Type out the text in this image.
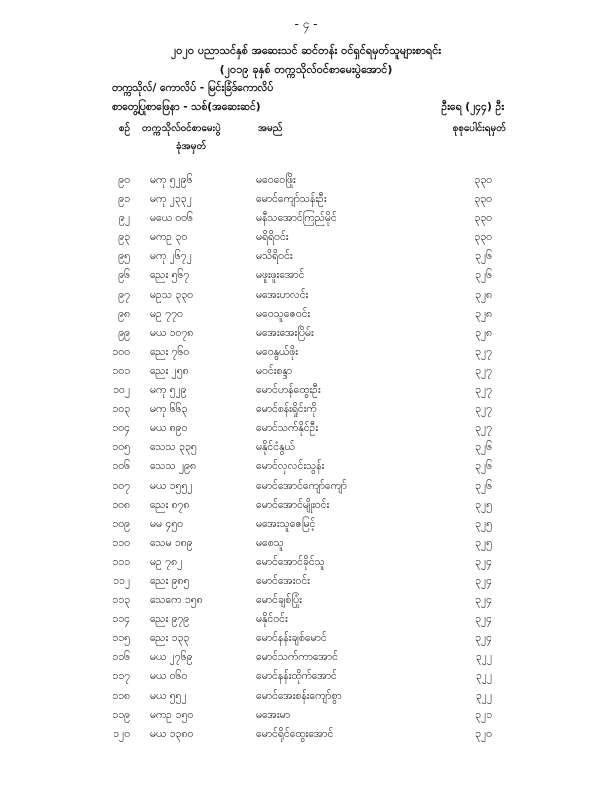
- ၄ -
၂၀၂၀ ပညာသင်နှစ် အဆေးသင် ဆင်တန်း ဝင်ရှင်ရမှတ်သူများစာရင်း
(၂၀၁၉ ခုနှစ် တက္ကသိုလ်ဝင်စာမေးပွဲအောင်)
တက္ကသိုလ်/ ကောလိပ် - မြင်းခြံဒ်ကောလိပ်
စာတွေ့ပြုစာဖြေနာ - သစ်(အဆေးဆင်)	ဦးရေ (၂၄၄) ဦး
စဉ် တက္ကသိုလ်ဝင်စာမေးပွဲ
ခုံအမှတ်
အမည်	စုစုပေါင်းရမှတ်
၉၀ မကု ၅၂၉၆	မဝေဝေဖြိုး	၃၃၀
၉၁ မကု ၂၃၃၂	မောင်ကျော်သန်းဦး	၃၃၀
၉၂ မယေ ၀၀၆	မနီသအောင်ကြည်မိုင်	၃၃၀
၉၃ မကဥ ၃၀	မရိရိဝင်း	၃၃၀
၉၅ မကု ၂၆၇၂	မသိရိဝင်း	၃၂၆
၉၆ ညေး ၅၆၇	မဖူးဖူးအောင်	၃၂၆
၉၇ မဥသ ၃၃၀	မအေးဟလင်း	၃၂၈
၉၈ မဥ ၇၇၀	မဝေသူဇေဝင်း	၃၂၈
၉၉ မယ ၁၀၇၈	မအေးအေးပြိမ်း	၃၂၈
၁၀၀ ညေး ၇၆၀	မဝေနွယ်ဖိုး	၃၂၇
၁၀၁ ညေး ၂၅၈	မဝင်းစန္ဒာ	၃၂၇
၁၀၂ မကု ၅၂၉	မောင်ဟန်ထွေးဦး	၃၂၇
၁၀၃ မကု ၆၆၃	မောင်စန်းရှိုင်းကို	၃၂၇
၁၀၄ မယ ၈၉၀	မောင်သက်နိုင်ဦး	၃၂၇
၁၀၅ သေသ ၃၃၅	မနိုင်ငံနွယ်	၃၂၆
၁၀၆ သေသ ၂၉၈	မောင်လှလင်းသွန်း	၃၂၆
၁၀၇ မယ ၁၅၅၂	မောင်အောင်ကျော်ကျော်	၃၂၆
၁၀၈ ညေး ၈၇၈	မောင်အောင်မျိုးဝင်း	၃၂၅
၁၀၉ မမ ၄၅၀	မအေးသူဇေမြင့်	၃၂၅
၁၁၀ သေမ ၁၈၉	မစေသူ	၃၂၅
၁၁၁ မဥ ၇၈၂	မောင်အောင်ခိုင်သူ	၃၂၄
၁၁၂ ညေး ၉၈၅	မောင်အေးဝင်း	၃၂၄
၁၁၃ သေကေ ၁၅၈	မောင်ချစ်ပြုံး	၃၂၄
၁၁၄ ညေး ၉၇၉	မနိုင်ဝင်း	၃၂၄
၁၁၅ ညေး ၁၃၃	မောင်နန်းချစ်မောင်	၃၂၄
၁၁၆ မယ ၂၇၆၉	မောင်သက်ကာအောင်	၃၂၂
၁၁၇ မယ ၀၆၀	မောင်နန်းထိုက်အောင်	၃၂၂
၁၁၈ မယ ၅၅၂	မောင်အေးစန်းကျော်စွာ	၃၂၂
၁၁၉ မကဥ ၁၅၀	မအေးမာ	၃၂၁
၁၂၀ မယ ၁၃၈၀	မောင်ရိုင်ထွေးအောင်	၃၂၀
